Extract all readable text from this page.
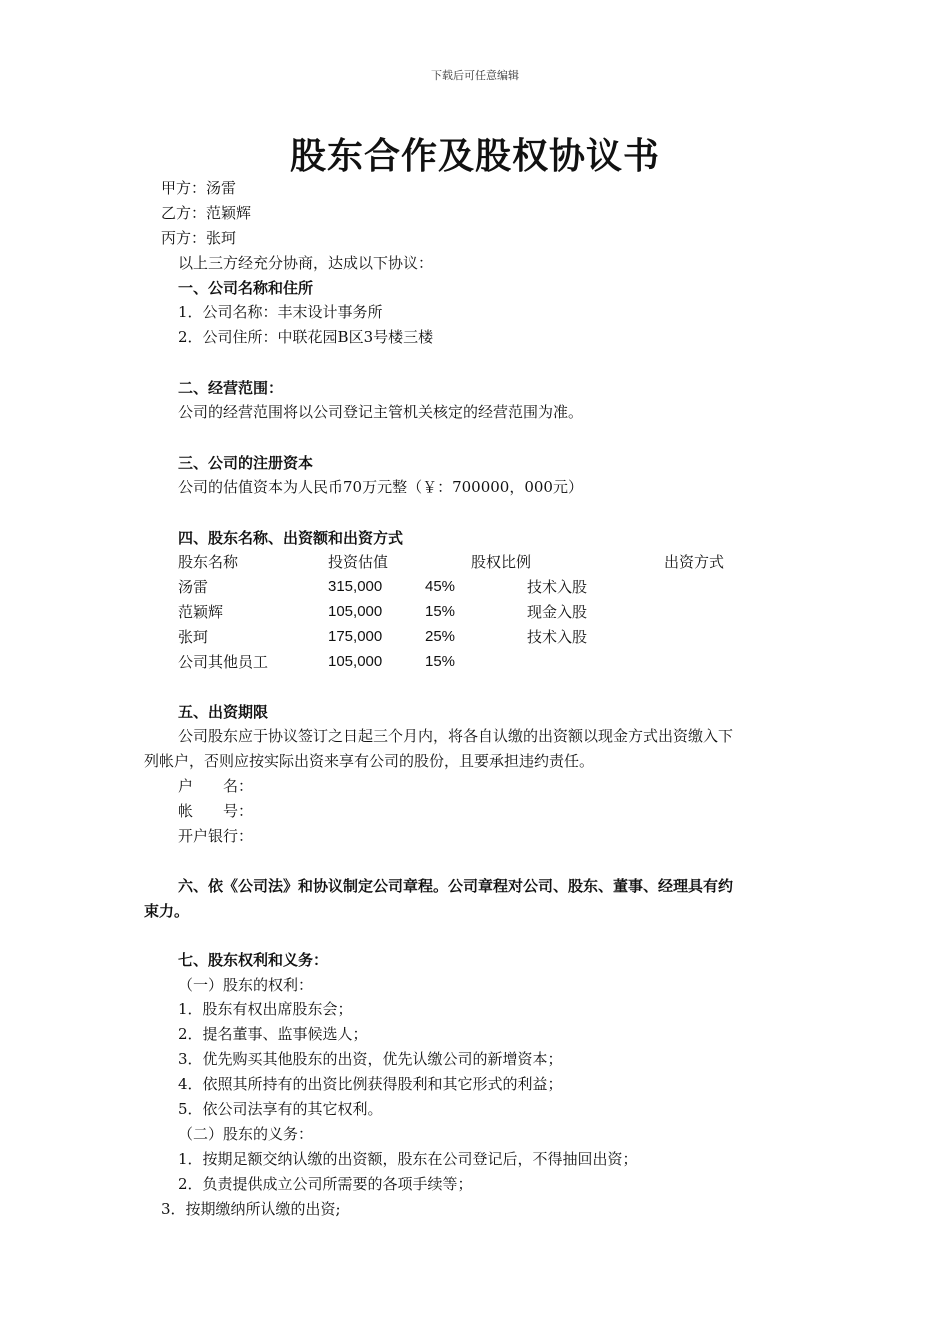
下载后可任意编辑
股东合作及股权协议书
甲方：汤雷
乙方：范颖辉
丙方：张珂
以上三方经充分协商，达成以下协议：
一、公司名称和住所
1．公司名称：丰末设计事务所
2．公司住所：中联花园B区3号楼三楼
二、经营范围：
公司的经营范围将以公司登记主管机关核定的经营范围为准。
三、公司的注册资本
公司的估值资本为人民币70万元整（￥：700000，000元）
四、股东名称、出资额和出资方式
股东名称	投资估值	股权比例	出资方式
汤雷	315,000	45%	技术入股
范颖辉	105,000	15%	现金入股
张珂	175,000	25%	技术入股
公司其他员工	105,000	15%
五、出资期限
公司股东应于协议签订之日起三个月内，将各自认缴的出资额以现金方式出资缴入下
列帐户，否则应按实际出资来享有公司的股份，且要承担违约责任。
户　　名：
帐　　号：
开户银行：
六、依《公司法》和协议制定公司章程。公司章程对公司、股东、董事、经理具有约
束力。
七、股东权利和义务：
（一）股东的权利：
1．股东有权出席股东会；
2．提名董事、监事候选人；
3．优先购买其他股东的出资，优先认缴公司的新增资本；
4．依照其所持有的出资比例获得股利和其它形式的利益；
5．依公司法享有的其它权利。
（二）股东的义务：
1．按期足额交纳认缴的出资额，股东在公司登记后，不得抽回出资；
2．负责提供成立公司所需要的各项手续等；
3．按期缴纳所认缴的出资;
